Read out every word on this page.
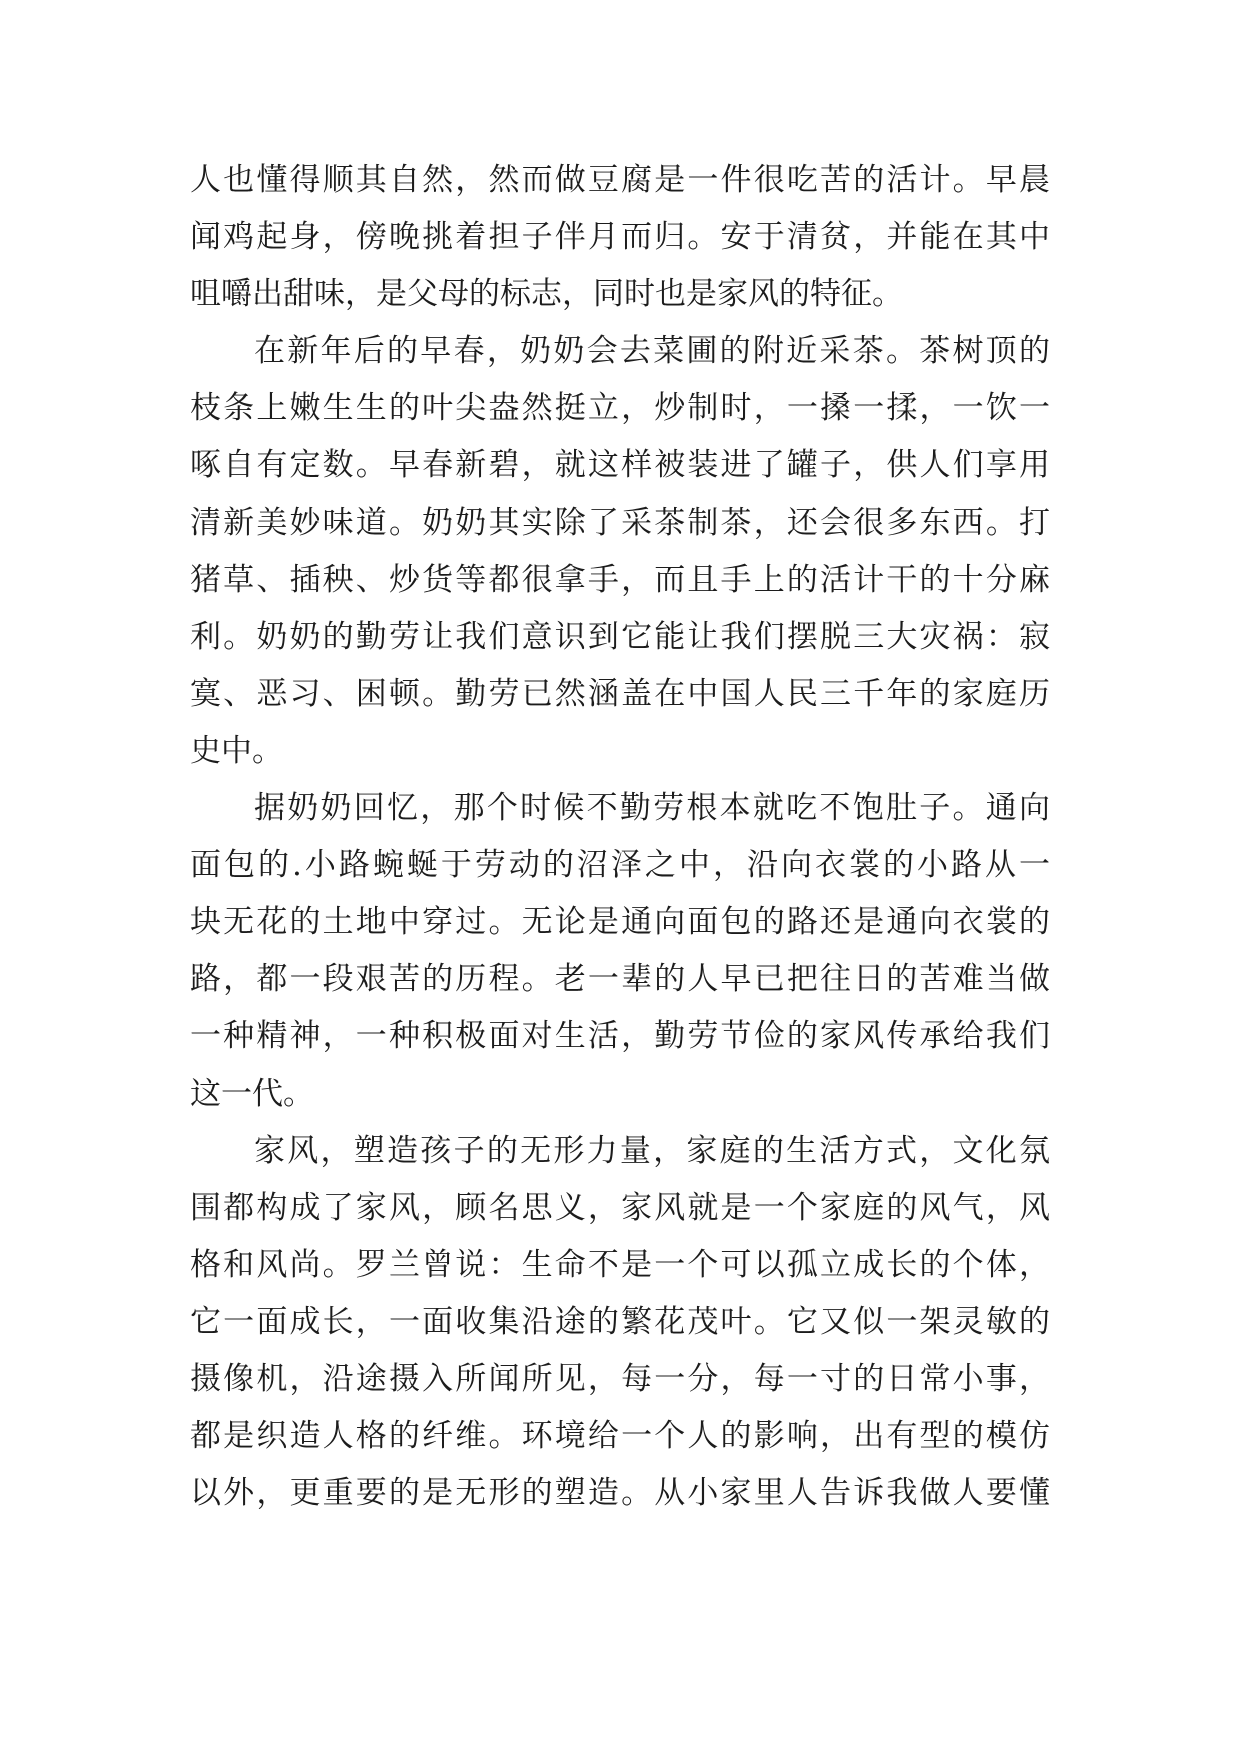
人也懂得顺其自然，然而做豆腐是一件很吃苦的活计。早晨
闻鸡起身，傍晚挑着担子伴月而归。安于清贫，并能在其中
咀嚼出甜味，是父母的标志，同时也是家风的特征。
在新年后的早春，奶奶会去菜圃的附近采茶。茶树顶的
枝条上嫩生生的叶尖盎然挺立，炒制时，一搡一揉，一饮一
啄自有定数。早春新碧，就这样被装进了罐子，供人们享用
清新美妙味道。奶奶其实除了采茶制茶，还会很多东西。打
猪草、插秧、炒货等都很拿手，而且手上的活计干的十分麻
利。奶奶的勤劳让我们意识到它能让我们摆脱三大灾祸：寂
寞、恶习、困顿。勤劳已然涵盖在中国人民三千年的家庭历
史中。
据奶奶回忆，那个时候不勤劳根本就吃不饱肚子。通向
面包的.小路蜿蜒于劳动的沼泽之中，沿向衣裳的小路从一
块无花的土地中穿过。无论是通向面包的路还是通向衣裳的
路，都一段艰苦的历程。老一辈的人早已把往日的苦难当做
一种精神，一种积极面对生活，勤劳节俭的家风传承给我们
这一代。
家风，塑造孩子的无形力量，家庭的生活方式，文化氛
围都构成了家风，顾名思义，家风就是一个家庭的风气，风
格和风尚。罗兰曾说：生命不是一个可以孤立成长的个体，
它一面成长，一面收集沿途的繁花茂叶。它又似一架灵敏的
摄像机，沿途摄入所闻所见，每一分，每一寸的日常小事，
都是织造人格的纤维。环境给一个人的影响，出有型的模仿
以外，更重要的是无形的塑造。从小家里人告诉我做人要懂
